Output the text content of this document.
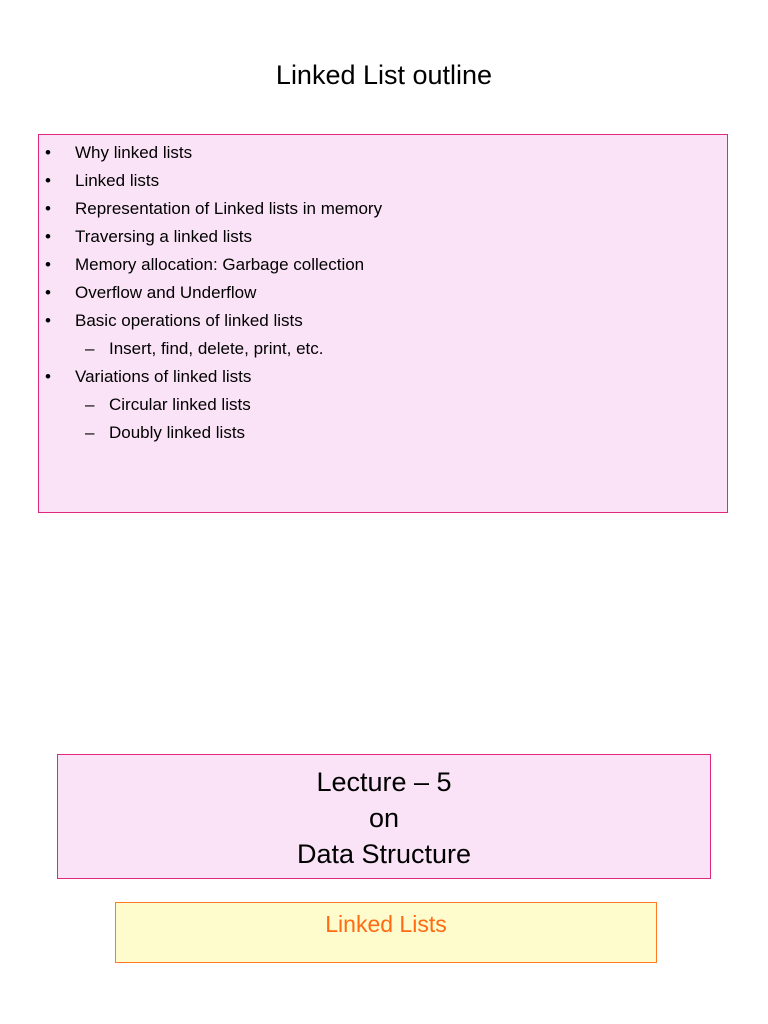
Linked List outline
• Why linked lists
• Linked lists
• Representation of Linked lists in memory
• Traversing a linked lists
• Memory allocation: Garbage collection
• Overflow and Underflow
• Basic operations of linked lists
– Insert, find, delete, print, etc.
• Variations of linked lists
– Circular linked lists
– Doubly linked lists
Lecture – 5
on
Data Structure
Linked Lists
